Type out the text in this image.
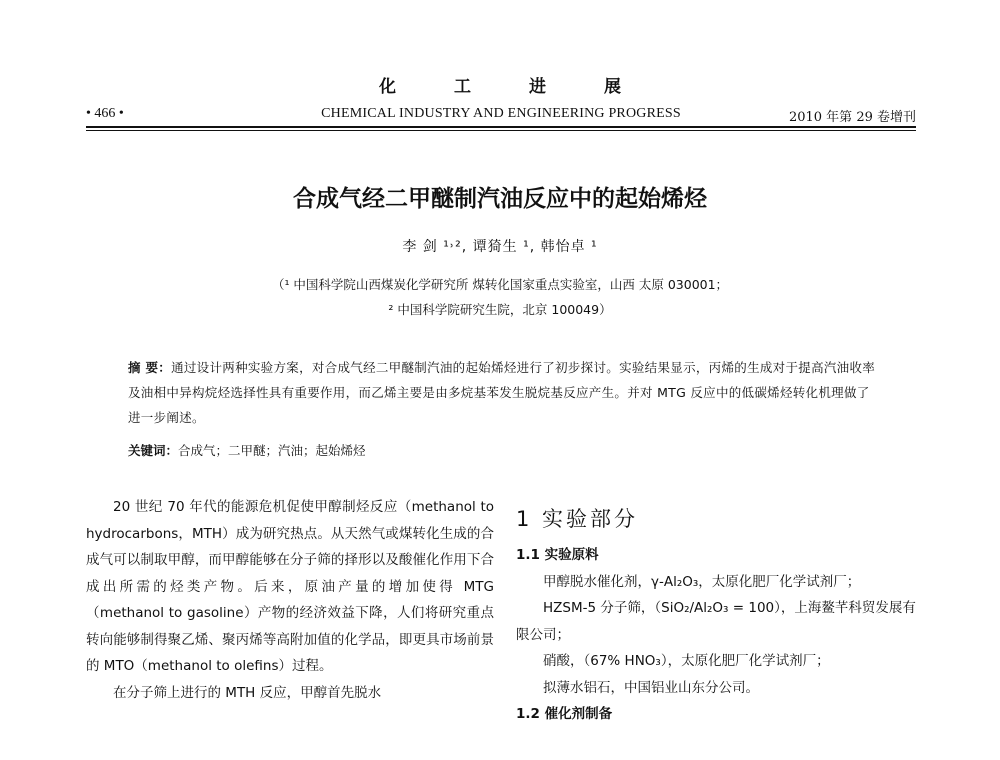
化工进展
• 466 •	CHEMICAL INDUSTRY AND ENGINEERING PROGRESS	2010 年第 29 卷增刊
合成气经二甲醚制汽油反应中的起始烯烃
李 剑 ¹˒², 谭猗生 ¹, 韩怡卓 ¹
（¹ 中国科学院山西煤炭化学研究所 煤转化国家重点实验室，山西 太原 030001；
² 中国科学院研究生院，北京 100049）
摘 要：通过设计两种实验方案，对合成气经二甲醚制汽油的起始烯烃进行了初步探讨。实验结果显示，丙烯的生成对于提高汽油收率及油相中异构烷烃选择性具有重要作用，而乙烯主要是由多烷基苯发生脱烷基反应产生。并对 MTG 反应中的低碳烯烃转化机理做了进一步阐述。
关键词：合成气；二甲醚；汽油；起始烯烃

20 世纪 70 年代的能源危机促使甲醇制烃反应（methanol to hydrocarbons，MTH）成为研究热点。从天然气或煤转化生成的合成气可以制取甲醇，而甲醇能够在分子筛的择形以及酸催化作用下合成出所需的烃类产物。后来，原油产量的增加使得 MTG（methanol to gasoline）产物的经济效益下降，人们将研究重点转向能够制得聚乙烯、聚丙烯等高附加值的化学品，即更具市场前景的 MTO（methanol to olefins）过程。

在分子筛上进行的 MTH 反应，甲醇首先脱水

1 实验部分
1.1 实验原料

甲醇脱水催化剂，γ-Al₂O₃，太原化肥厂化学试剂厂；

HZSM-5 分子筛，（SiO₂/Al₂O₃ = 100），上海鳌芊科贸发展有限公司；

硝酸，（67% HNO₃），太原化肥厂化学试剂厂；

拟薄水铝石，中国铝业山东分公司。

1.2 催化剂制备
